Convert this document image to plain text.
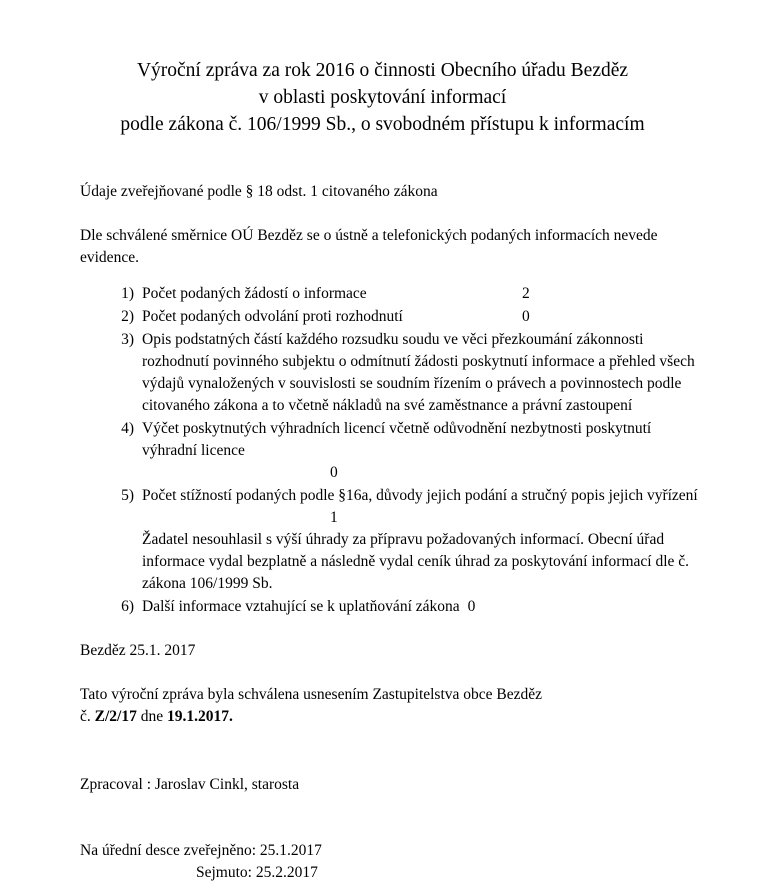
Výroční zpráva za rok 2016 o činnosti Obecního úřadu Bezděz
v oblasti poskytování informací
podle zákona č. 106/1999 Sb., o svobodném přístupu k informacím

Údaje zveřejňované podle § 18 odst. 1 citovaného zákona

Dle schválené směrnice OÚ Bezděz se o ústně a telefonických podaných informacích nevede evidence.

1) Počet podaných žádostí o informace	2
2) Počet podaných odvolání proti rozhodnutí	0
3) Opis podstatných částí každého rozsudku soudu ve věci přezkoumání zákonnosti rozhodnutí povinného subjektu o odmítnutí žádosti poskytnutí informace a přehled všech výdajů vynaložených v souvislosti se soudním řízením o právech a povinnostech podle citovaného zákona a to včetně nákladů na své zaměstnance a právní zastoupení
4) Výčet poskytnutých výhradních licencí včetně odůvodnění nezbytnosti poskytnutí výhradní licence
0
5) Počet stížností podaných podle §16a, důvody jejich podání a stručný popis jejich vyřízení
1
Žadatel nesouhlasil s výší úhrady za přípravu požadovaných informací. Obecní úřad informace vydal bezplatně a následně vydal ceník úhrad za poskytování informací dle č. zákona 106/1999 Sb.
6) Další informace vztahující se k uplatňování zákona 0

Bezděz 25.1. 2017

Tato výroční zpráva byla schválena usnesením Zastupitelstva obce Bezděz
č. Z/2/17 dne 19.1.2017.

Zpracoval : Jaroslav Cinkl, starosta

Na úřední desce zveřejněno: 25.1.2017
Sejmuto: 25.2.2017
